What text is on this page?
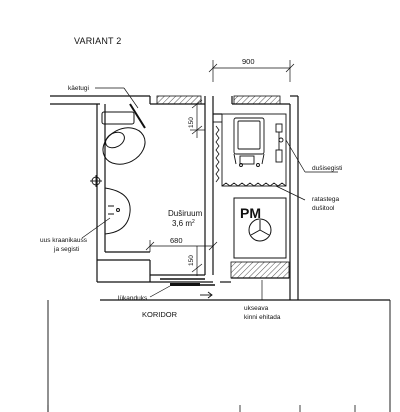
VARIANT 2
PM
käetugi
uus kraanikauss
ja segisti
Duširuum
3,6 $m^2$
900
150
680
150
lükanduks
KORIDOR
uksеava
kinni ehitada
dušisegisti
ratastega
dušitool
